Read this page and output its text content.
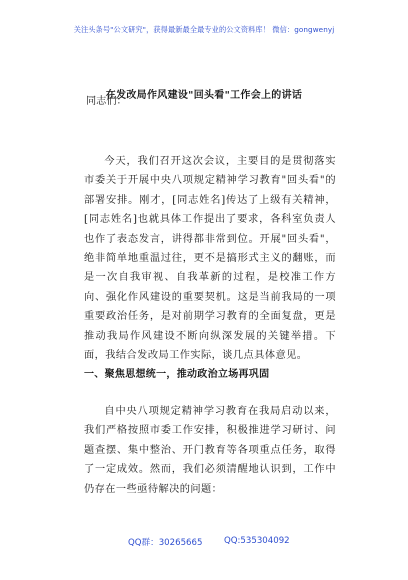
关注头条号"公文研究"，获得最新最全最专业的公文资料库！ 微信：gongwenyj
在发改局作风建设"回头看"工作会上的讲话
同志们：

今天，我们召开这次会议，主要目的是贯彻落实市委关于开展中央八项规定精神学习教育"回头看"的部署安排。刚才，[同志姓名]传达了上级有关精神，[同志姓名]也就具体工作提出了要求，各科室负责人也作了表态发言，讲得都非常到位。开展"回头看"，绝非简单地重温过往，更不是搞形式主义的翻账，而是一次自我审视、自我革新的过程，是校准工作方向、强化作风建设的重要契机。这是当前我局的一项重要政治任务，是对前期学习教育的全面复盘，更是推动我局作风建设不断向纵深发展的关键举措。下面，我结合发改局工作实际，谈几点具体意见。

一、聚焦思想统一，推动政治立场再巩固

自中央八项规定精神学习教育在我局启动以来，我们严格按照市委工作安排，积极推进学习研讨、问题查摆、集中整治、开门教育等各项重点任务，取得了一定成效。然而，我们必须清醒地认识到，工作中仍存在一些亟待解决的问题：

QQ群：30265665	QQ:535304092
